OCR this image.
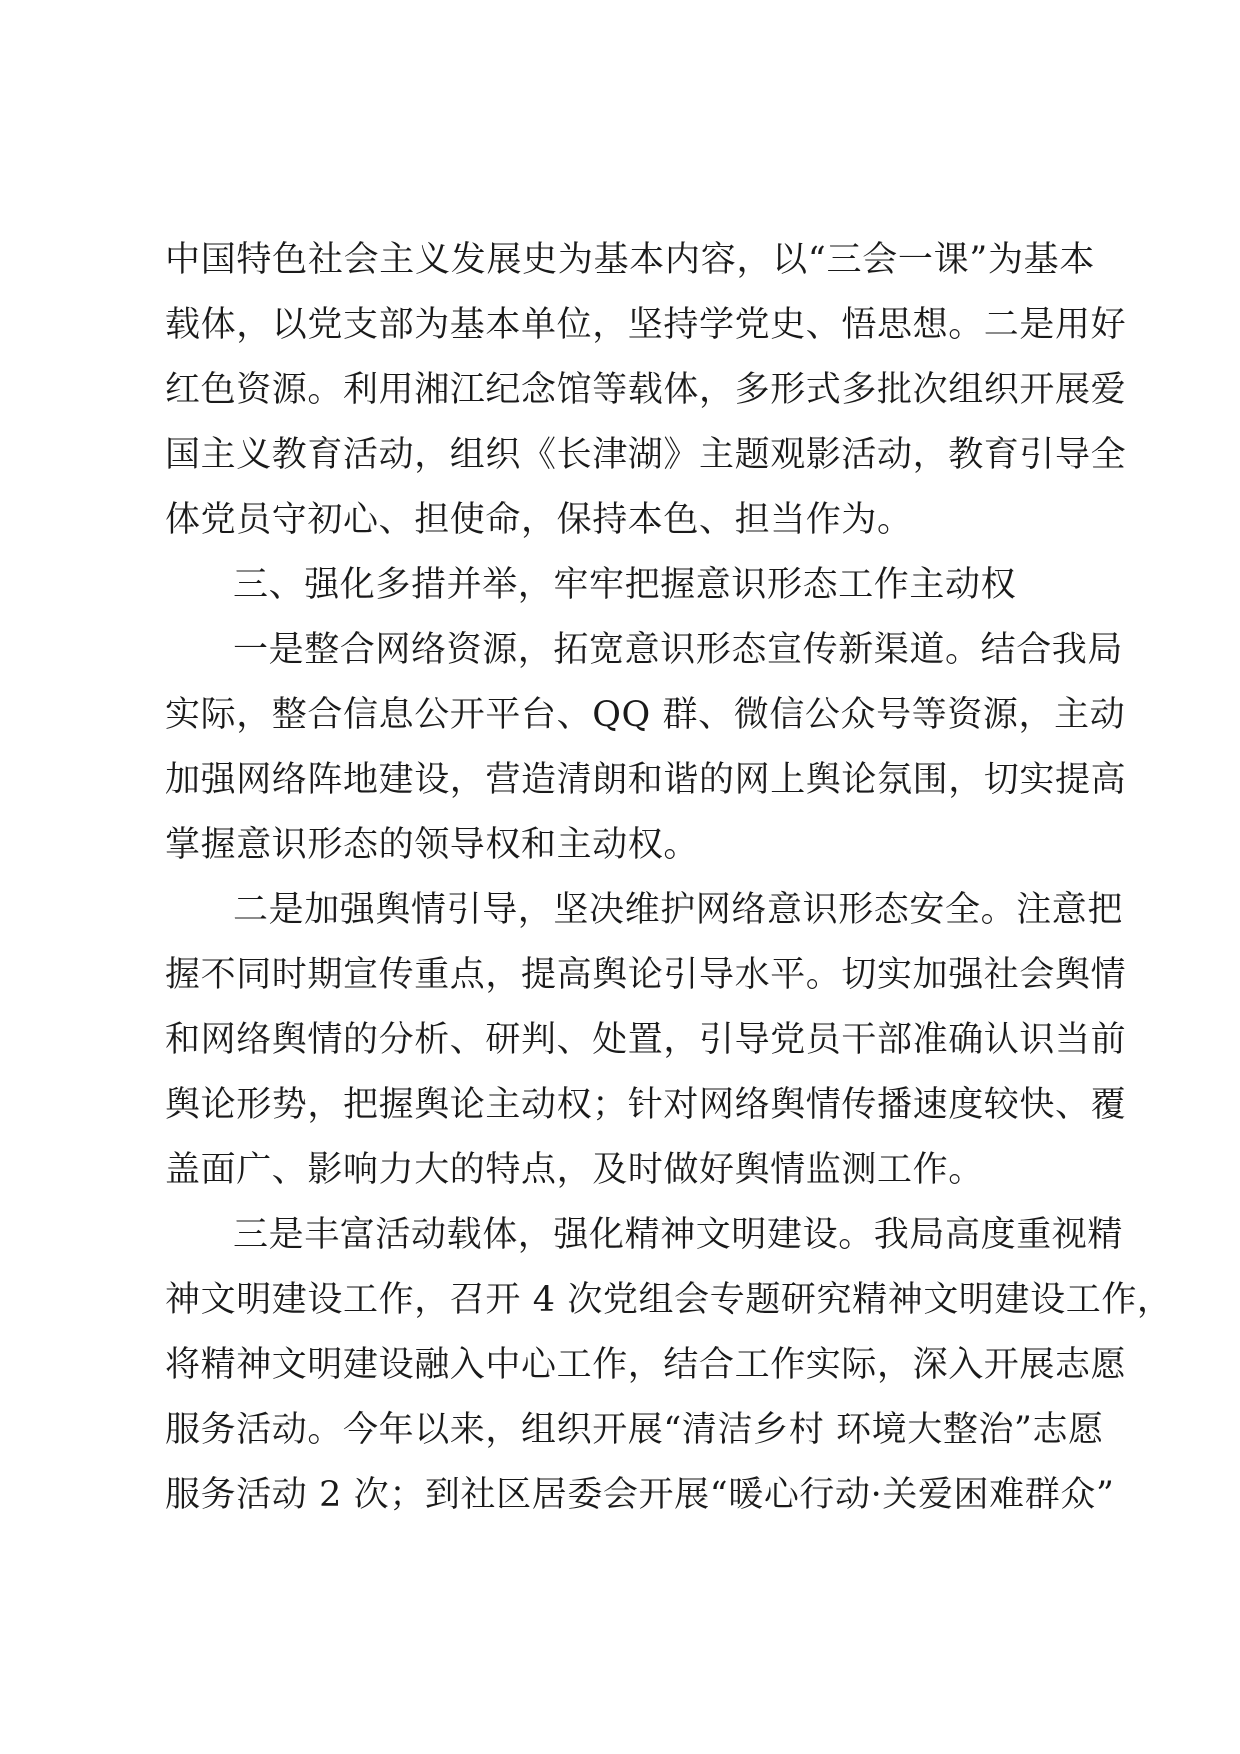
中国特色社会主义发展史为基本内容，以“三会一课”为基本
载体，以党支部为基本单位，坚持学党史、悟思想。二是用好
红色资源。利用湘江纪念馆等载体，多形式多批次组织开展爱
国主义教育活动，组织《长津湖》主题观影活动，教育引导全
体党员守初心、担使命，保持本色、担当作为。
三、强化多措并举，牢牢把握意识形态工作主动权
一是整合网络资源，拓宽意识形态宣传新渠道。结合我局
实际，整合信息公开平台、QQ 群、微信公众号等资源，主动
加强网络阵地建设，营造清朗和谐的网上舆论氛围，切实提高
掌握意识形态的领导权和主动权。
二是加强舆情引导，坚决维护网络意识形态安全。注意把
握不同时期宣传重点，提高舆论引导水平。切实加强社会舆情
和网络舆情的分析、研判、处置，引导党员干部准确认识当前
舆论形势，把握舆论主动权；针对网络舆情传播速度较快、覆
盖面广、影响力大的特点，及时做好舆情监测工作。
三是丰富活动载体，强化精神文明建设。我局高度重视精
神文明建设工作，召开 4 次党组会专题研究精神文明建设工作，
将精神文明建设融入中心工作，结合工作实际，深入开展志愿
服务活动。今年以来，组织开展“清洁乡村 环境大整治”志愿
服务活动 2 次；到社区居委会开展“暖心行动·关爱困难群众”
